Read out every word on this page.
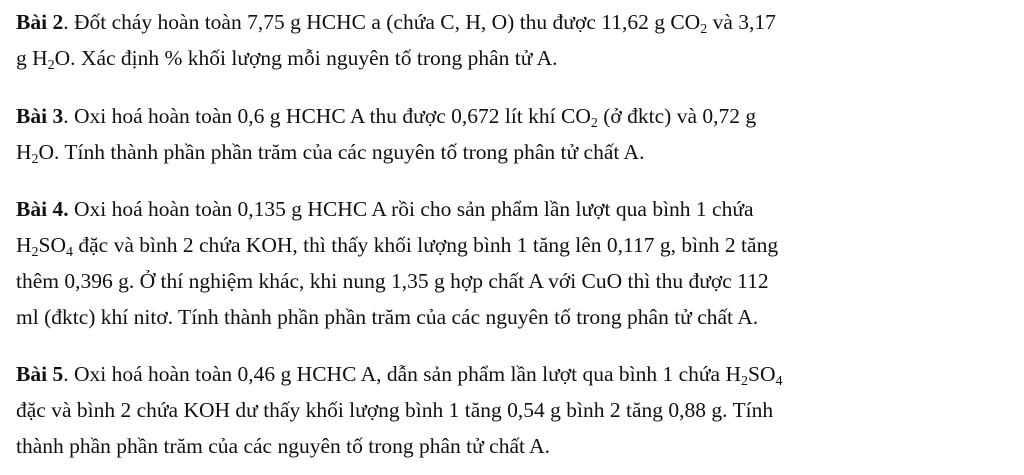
Bài 2. Đốt cháy hoàn toàn 7,75 g HCHC a (chứa C, H, O) thu được 11,62 g $CO_2$ và 3,17
g $H_2O$. Xác định % khối lượng mỗi nguyên tố trong phân tử A.
Bài 3. Oxi hoá hoàn toàn 0,6 g HCHC A thu được 0,672 lít khí $CO_2$ (ở đktc) và 0,72 g
$H_2O$. Tính thành phần phần trăm của các nguyên tố trong phân tử chất A.
Bài 4. Oxi hoá hoàn toàn 0,135 g HCHC A rồi cho sản phẩm lần lượt qua bình 1 chứa
$H_2SO_4$ đặc và bình 2 chứa KOH, thì thấy khối lượng bình 1 tăng lên 0,117 g, bình 2 tăng
thêm 0,396 g. Ở thí nghiệm khác, khi nung 1,35 g hợp chất A với CuO thì thu được 112
ml (đktc) khí nitơ. Tính thành phần phần trăm của các nguyên tố trong phân tử chất A.
Bài 5. Oxi hoá hoàn toàn 0,46 g HCHC A, dẫn sản phẩm lần lượt qua bình 1 chứa $H_2SO_4$
đặc và bình 2 chứa KOH dư thấy khối lượng bình 1 tăng 0,54 g bình 2 tăng 0,88 g. Tính
thành phần phần trăm của các nguyên tố trong phân tử chất A.
